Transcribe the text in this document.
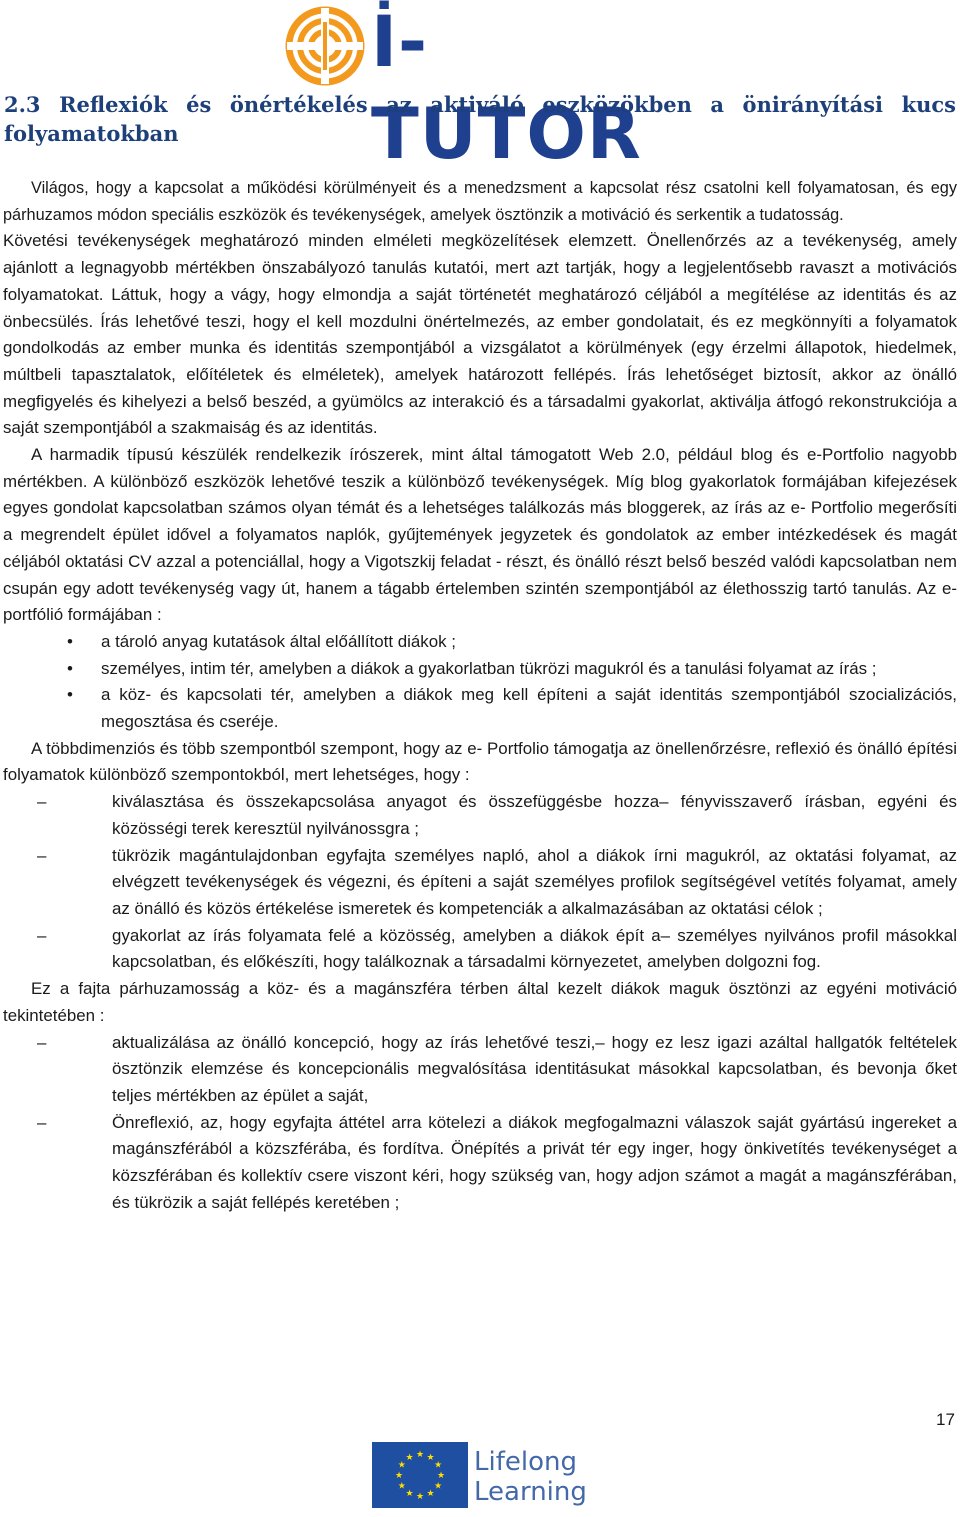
İ-TUTOR
2.3 Reflexiók és önértékelés az aktiváló eszközökben a önirányítási kucs folyamatokban

Világos, hogy a kapcsolat a működési körülményeit és a menedzsment a kapcsolat rész csatolni kell folyamatosan, és egy párhuzamos módon speciális eszközök és tevékenységek, amelyek ösztönzik a motiváció és serkentik a tudatosság.

Követési tevékenységek meghatározó minden elméleti megközelítések elemzett. Önellenőrzés az a tevékenység, amely ajánlott a legnagyobb mértékben önszabályozó tanulás kutatói, mert azt tartják, hogy a legjelentősebb ravaszt a motivációs folyamatokat. Láttuk, hogy a vágy, hogy elmondja a saját történetét meghatározó céljából a megítélése az identitás és az önbecsülés. Írás lehetővé teszi, hogy el kell mozdulni önértelmezés, az ember gondolatait, és ez megkönnyíti a folyamatok gondolkodás az ember munka és identitás szempontjából a vizsgálatot a körülmények (egy érzelmi állapotok, hiedelmek, múltbeli tapasztalatok, előítéletek és elméletek), amelyek határozott fellépés. Írás lehetőséget biztosít, akkor az önálló megfigyelés és kihelyezi a belső beszéd, a gyümölcs az interakció és a társadalmi gyakorlat, aktiválja átfogó rekonstrukciója a saját szempontjából a szakmaiság és az identitás.

A harmadik típusú készülék rendelkezik írószerek, mint által támogatott Web 2.0, például blog és e-Portfolio nagyobb mértékben. A különböző eszközök lehetővé teszik a különböző tevékenységek. Míg blog gyakorlatok formájában kifejezések egyes gondolat kapcsolatban számos olyan témát és a lehetséges találkozás más bloggerek, az írás az e- Portfolio megerősíti a megrendelt épület idővel a folyamatos naplók, gyűjtemények jegyzetek és gondolatok az ember intézkedések és magát céljából oktatási CV azzal a potenciállal, hogy a Vigotszkij feladat - részt, és önálló részt belső beszéd valódi kapcsolatban nem csupán egy adott tevékenység vagy út, hanem a tágabb értelemben szintén szempontjából az élethosszig tartó tanulás. Az e-portfólió formájában :

• a tároló anyag kutatások által előállított diákok ;
• személyes, intim tér, amelyben a diákok a gyakorlatban tükrözi magukról és a tanulási folyamat az írás ;
• a köz- és kapcsolati tér, amelyben a diákok meg kell építeni a saját identitás szempontjából szocializációs, megosztása és cseréje.

A többdimenziós és több szempontból szempont, hogy az e- Portfolio támogatja az önellenőrzésre, reflexió és önálló építési folyamatok különböző szempontokból, mert lehetséges, hogy :

–	kiválasztása és összekapcsolása anyagot és összefüggésbe hozza– fényvisszaverő írásban, egyéni és közösségi terek keresztül nyilvánossgra ;
–	tükrözik magántulajdonban egyfajta személyes napló, ahol a diákok írni magukról, az oktatási folyamat, az elvégzett tevékenységek és végezni, és építeni a saját személyes profilok segítségével vetítés folyamat, amely az önálló és közös értékelése ismeretek és kompetenciák a alkalmazásában az oktatási célok ;
–	gyakorlat az írás folyamata felé a közösség, amelyben a diákok épít a– személyes nyilvános profil másokkal kapcsolatban, és előkészíti, hogy találkoznak a társadalmi környezetet, amelyben dolgozni fog.

Ez a fajta párhuzamosság a köz- és a magánszféra térben által kezelt diákok maguk ösztönzi az egyéni motiváció tekintetében :

–	aktualizálása az önálló koncepció, hogy az írás lehetővé teszi,– hogy ez lesz igazi azáltal hallgatók feltételek ösztönzik elemzése és koncepcionális megvalósítása identitásukat másokkal kapcsolatban, és bevonja őket teljes mértékben az épület a saját,
–	Önreflexió, az, hogy egyfajta áttétel arra kötelezi a diákok megfogalmazni válaszok saját gyártású ingereket a magánszférából a közszférába, és fordítva. Önépítés a privát tér egy inger, hogy önkivetítés tevékenységet a közszférában és kollektív csere viszont kéri, hogy szükség van, hogy adjon számot a magát a magánszférában, és tükrözik a saját fellépés keretében ;
17
★ ★
★
★
★
★
★
★
★
★
★
★ Lifelong
Learning
